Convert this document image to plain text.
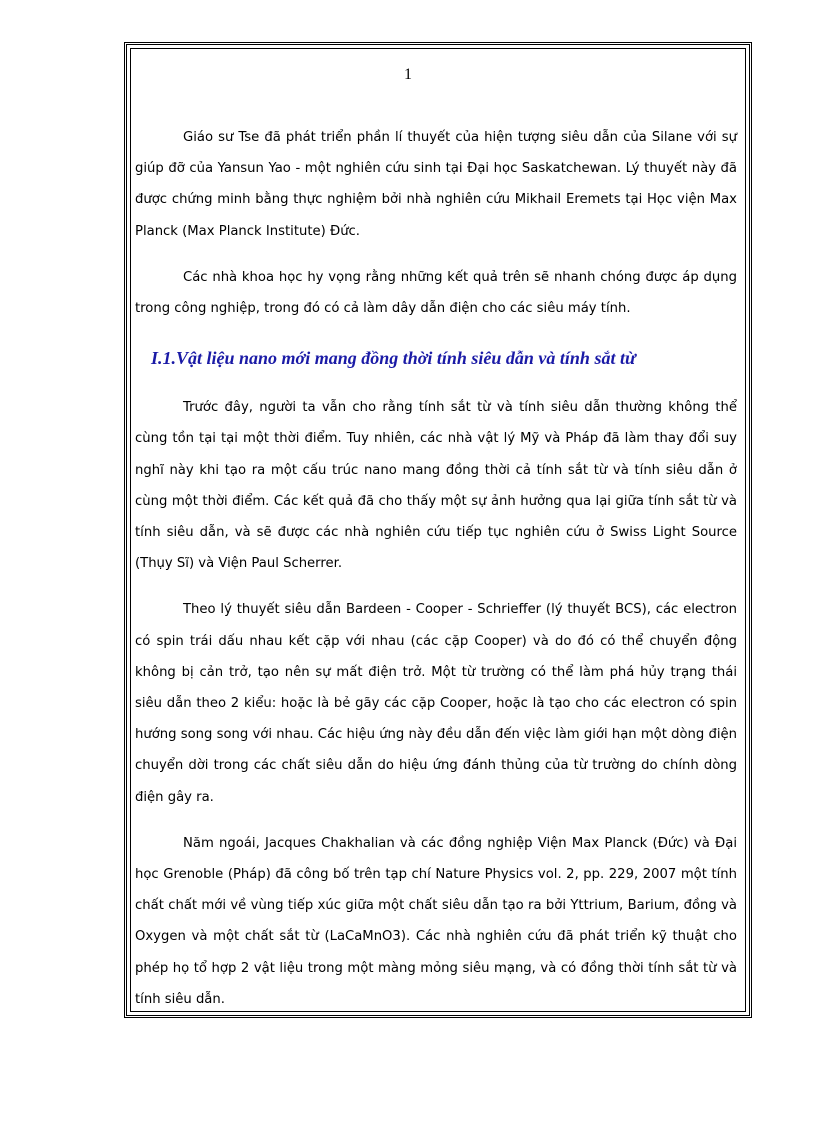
1

Giáo sư Tse đã phát triển phần lí thuyết của hiện tượng siêu dẫn của Silane với sự giúp đỡ của Yansun Yao - một nghiên cứu sinh tại Đại học Saskatchewan. Lý thuyết này đã được chứng minh bằng thực nghiệm bởi nhà nghiên cứu Mikhail Eremets tại Học viện Max Planck (Max Planck Institute) Đức.

Các nhà khoa học hy vọng rằng những kết quả trên sẽ nhanh chóng được áp dụng trong công nghiệp, trong đó có cả làm dây dẫn điện cho các siêu máy tính.

I.1.Vật liệu nano mới mang đồng thời tính siêu dẫn và tính sắt từ

Trước đây, người ta vẫn cho rằng tính sắt từ và tính siêu dẫn thường không thể cùng tồn tại tại một thời điểm. Tuy nhiên, các nhà vật lý Mỹ và Pháp đã làm thay đổi suy nghĩ này khi tạo ra một cấu trúc nano mang đồng thời cả tính sắt từ và tính siêu dẫn ở cùng một thời điểm. Các kết quả đã cho thấy một sự ảnh hưởng qua lại giữa tính sắt từ và tính siêu dẫn, và sẽ được các nhà nghiên cứu tiếp tục nghiên cứu ở Swiss Light Source (Thụy Sĩ) và Viện Paul Scherrer.

Theo lý thuyết siêu dẫn Bardeen - Cooper - Schrieffer (lý thuyết BCS), các electron có spin trái dấu nhau kết cặp với nhau (các cặp Cooper) và do đó có thể chuyển động không bị cản trở, tạo nên sự mất điện trở. Một từ trường có thể làm phá hủy trạng thái siêu dẫn theo 2 kiểu: hoặc là bẻ gãy các cặp Cooper, hoặc là tạo cho các electron có spin hướng song song với nhau. Các hiệu ứng này đều dẫn đến việc làm giới hạn một dòng điện chuyển dời trong các chất siêu dẫn do hiệu ứng đánh thủng của từ trường do chính dòng điện gây ra.

Năm ngoái, Jacques Chakhalian và các đồng nghiệp Viện Max Planck (Đức) và Đại học Grenoble (Pháp) đã công bố trên tạp chí Nature Physics vol. 2, pp. 229, 2007 một tính chất chất mới về vùng tiếp xúc giữa một chất siêu dẫn tạo ra bởi Yttrium, Barium, đồng và Oxygen và một chất sắt từ (LaCaMnO3). Các nhà nghiên cứu đã phát triển kỹ thuật cho phép họ tổ hợp 2 vật liệu trong một màng mỏng siêu mạng, và có đồng thời tính sắt từ và tính siêu dẫn.
